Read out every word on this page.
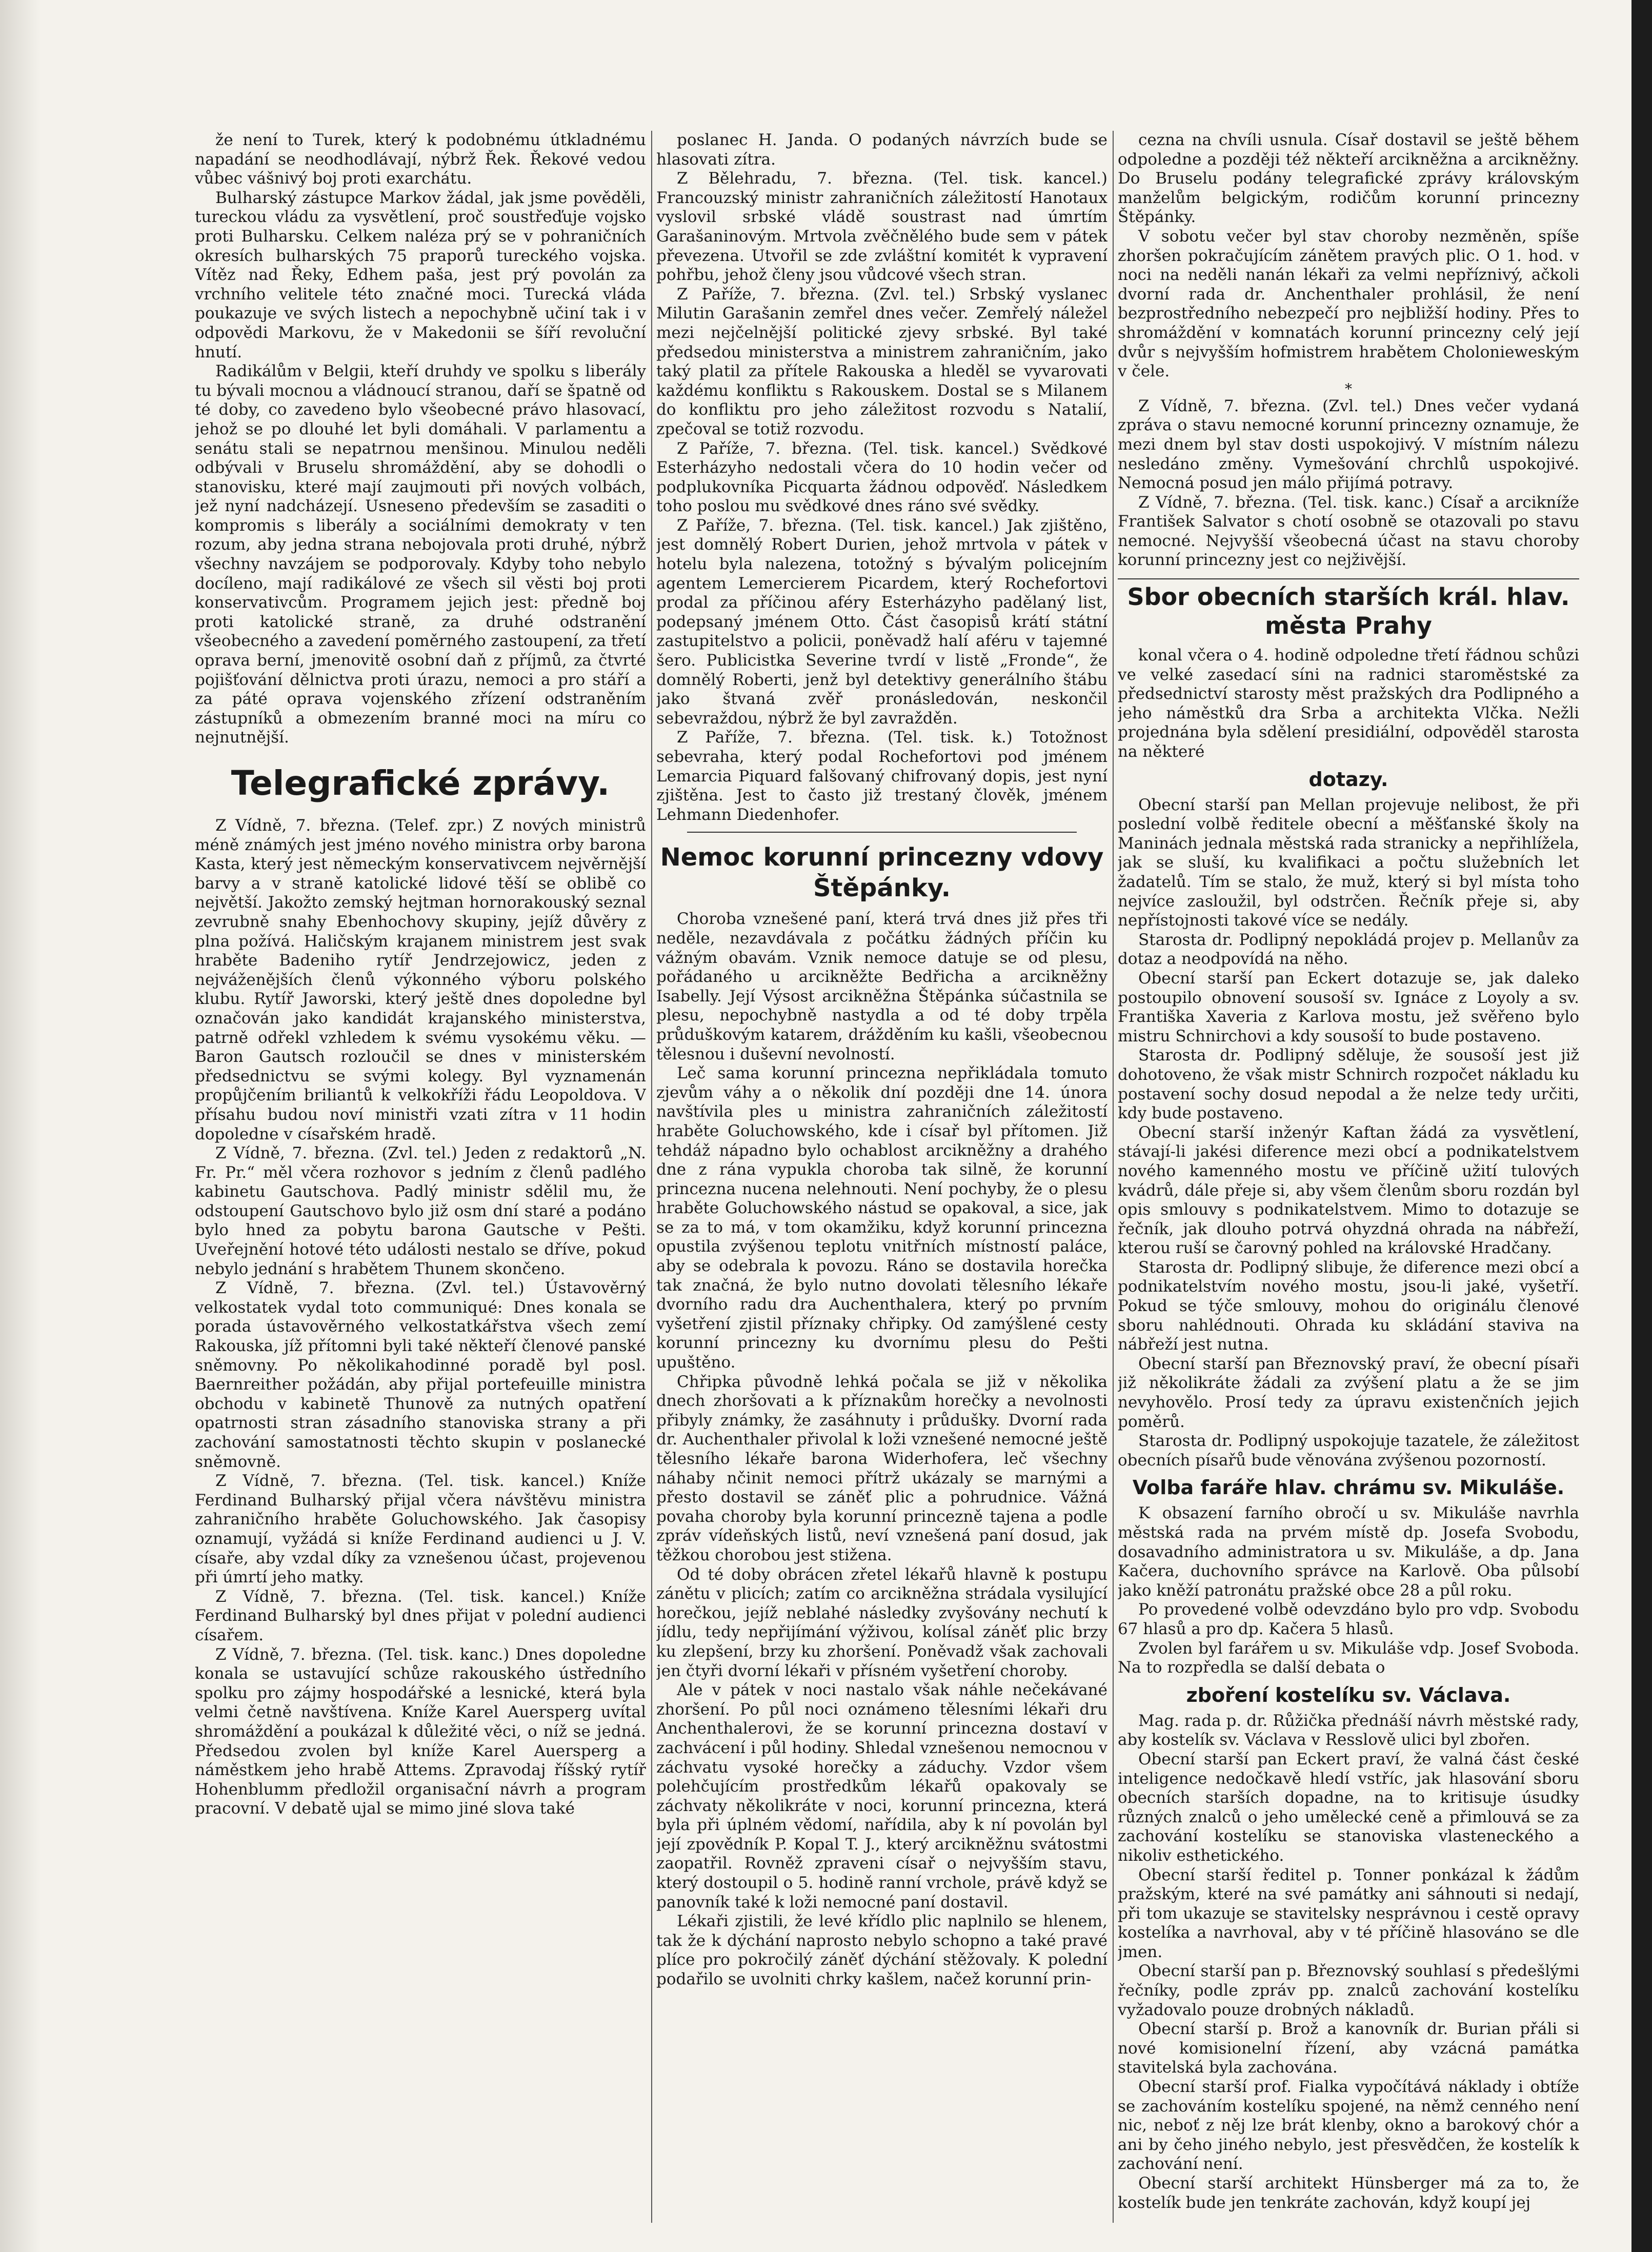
že není to Turek, který k podobnému útkladnému napadání se neodhodlávají, nýbrž Řek. Řekové vedou vůbec vášnivý boj proti exarchátu.

Bulharský zástupce Markov žádal, jak jsme pověděli, tureckou vládu za vysvětlení, proč soustřeďuje vojsko proti Bulharsku. Celkem naléza prý se v pohraničních okresích bulharských 75 praporů tureckého vojska. Vítěz nad Řeky, Edhem paša, jest prý povolán za vrchního velitele této značné moci. Turecká vláda poukazuje ve svých listech a nepochybně učiní tak i v odpovědi Markovu, že v Makedonii se šíří revoluční hnutí.

Radikálům v Belgii, kteří druhdy ve spolku s liberály tu bývali mocnou a vládnoucí stranou, daří se špatně od té doby, co zavedeno bylo všeobecné právo hlasovací, jehož se po dlouhé let byli domáhali. V parlamentu a senátu stali se nepatrnou menšinou. Minulou neděli odbývali v Bruselu shromáždění, aby se dohodli o stanovisku, které mají zaujmouti při nových volbách, jež nyní nadcházejí. Usneseno především se zasaditi o kompromis s liberály a sociálními demokraty v ten rozum, aby jedna strana nebojovala proti druhé, nýbrž všechny navzájem se podporovaly. Kdyby toho nebylo docíleno, mají radikálové ze všech sil věsti boj proti konservativcům. Programem jejich jest: předně boj proti katolické straně, za druhé odstranění všeobecného a zavedení poměrného zastoupení, za třetí oprava berní, jmenovitě osobní daň z příjmů, za čtvrté pojišťování dělnictva proti úrazu, nemoci a pro stáří a za páté oprava vojenského zřízení odstraněním zástupníků a obmezením branné moci na míru co nejnutnější.

Telegrafické zprávy.

Z Vídně, 7. března. (Telef. zpr.) Z nových ministrů méně známých jest jméno nového ministra orby barona Kasta, který jest německým konservativcem nejvěrnější barvy a v straně katolické lidové těší se oblibě co největší. Jakožto zemský hejtman hornorakouský seznal zevrubně snahy Ebenhochovy skupiny, jejíž důvěry z plna požívá. Haličským krajanem ministrem jest svak hraběte Badeniho rytíř Jendrzejowicz, jeden z nejváženějších členů výkonného výboru polského klubu. Rytíř Jaworski, který ještě dnes dopoledne byl označován jako kandidát krajanského ministerstva, patrně odřekl vzhledem k svému vysokému věku. — Baron Gautsch rozloučil se dnes v ministerském předsednictvu se svými kolegy. Byl vyznamenán propůjčením briliantů k velkokříži řádu Leopoldova. V přísahu budou noví ministři vzati zítra v 11 hodin dopoledne v císařském hradě.

Z Vídně, 7. března. (Zvl. tel.) Jeden z redaktorů „N. Fr. Pr.“ měl včera rozhovor s jedním z členů padlého kabinetu Gautschova. Padlý ministr sdělil mu, že odstoupení Gautschovo bylo již osm dní staré a podáno bylo hned za pobytu barona Gautsche v Pešti. Uveřejnění hotové této události nestalo se dříve, pokud nebylo jednání s hrabětem Thunem skončeno.

Z Vídně, 7. března. (Zvl. tel.) Ústavověrný velkostatek vydal toto communiqué: Dnes konala se porada ústavověrného velkostatkářstva všech zemí Rakouska, jíž přítomni byli také někteří členové panské sněmovny. Po několikahodinné poradě byl posl. Baernreither požádán, aby přijal portefeuille ministra obchodu v kabinetě Thunově za nutných opatření opatrnosti stran zásadního stanoviska strany a při zachování samostatnosti těchto skupin v poslanecké sněmovně.

Z Vídně, 7. března. (Tel. tisk. kancel.) Kníže Ferdinand Bulharský přijal včera návštěvu ministra zahraničního hraběte Goluchowského. Jak časopisy oznamují, vyžádá si kníže Ferdinand audienci u J. V. císaře, aby vzdal díky za vznešenou účast, projevenou při úmrtí jeho matky.

Z Vídně, 7. března. (Tel. tisk. kancel.) Kníže Ferdinand Bulharský byl dnes přijat v polední audienci císařem.

Z Vídně, 7. března. (Tel. tisk. kanc.) Dnes dopoledne konala se ustavující schůze rakouského ústředního spolku pro zájmy hospodářské a lesnické, která byla velmi četně navštívena. Kníže Karel Auersperg uvítal shromáždění a poukázal k důležité věci, o níž se jedná. Předsedou zvolen byl kníže Karel Auersperg a náměstkem jeho hrabě Attems. Zpravodaj říšský rytíř Hohenblumm předložil organisační návrh a program pracovní. V debatě ujal se mimo jiné slova také

poslanec H. Janda. O podaných návrzích bude se hlasovati zítra.

Z Bělehradu, 7. března. (Tel. tisk. kancel.) Francouzský ministr zahraničních záležitostí Hanotaux vyslovil srbské vládě soustrast nad úmrtím Garašaninovým. Mrtvola zvěčnělého bude sem v pátek převezena. Utvořil se zde zvláštní komitét k vypravení pohřbu, jehož členy jsou vůdcové všech stran.

Z Paříže, 7. března. (Zvl. tel.) Srbský vyslanec Milutin Garašanin zemřel dnes večer. Zemřelý náležel mezi nejčelnější politické zjevy srbské. Byl také předsedou ministerstva a ministrem zahraničním, jako taký platil za přítele Rakouska a hleděl se vyvarovati každému konfliktu s Rakouskem. Dostal se s Milanem do konfliktu pro jeho záležitost rozvodu s Natalií, zpečoval se totiž rozvodu.

Z Paříže, 7. března. (Tel. tisk. kancel.) Svědkové Esterházyho nedostali včera do 10 hodin večer od podplukovníka Picquarta žádnou odpověď. Následkem toho poslou mu svědkové dnes ráno své svědky.

Z Paříže, 7. března. (Tel. tisk. kancel.) Jak zjištěno, jest domnělý Robert Durien, jehož mrtvola v pátek v hotelu byla nalezena, totožný s bývalým policejním agentem Lemercierem Picardem, který Rochefortovi prodal za příčinou aféry Esterházyho padělaný list, podepsaný jménem Otto. Část časopisů krátí státní zastupitelstvo a policii, poněvadž halí aféru v tajemné šero. Publicistka Severine tvrdí v listě „Fronde“, že domnělý Roberti, jenž byl detektivy generálního štábu jako štvaná zvěř pronásledován, neskončil sebevraždou, nýbrž že byl zavražděn.

Z Paříže, 7. března. (Tel. tisk. k.) Totožnost sebevraha, který podal Rochefortovi pod jménem Lemarcia Piquard falšovaný chifrovaný dopis, jest nyní zjištěna. Jest to často již trestaný člověk, jménem Lehmann Diedenhofer.

Nemoc korunní princezny vdovy Štěpánky.

Choroba vznešené paní, která trvá dnes již přes tři neděle, nezavdávala z počátku žádných příčin ku vážným obavám. Vznik nemoce datuje se od plesu, pořádaného u arcikněžte Bedřicha a arcikněžny Isabelly. Její Výsost arcikněžna Štěpánka súčastnila se plesu, nepochybně nastydla a od té doby trpěla průduškovým katarem, drážděním ku kašli, všeobecnou tělesnou i duševní nevolností.

Leč sama korunní princezna nepřikládala tomuto zjevům váhy a o několik dní později dne 14. února navštívila ples u ministra zahraničních záležitostí hraběte Goluchowského, kde i císař byl přítomen. Již tehdáž nápadno bylo ochablost arcikněžny a drahého dne z rána vypukla choroba tak silně, že korunní princezna nucena nelehnouti. Není pochyby, že o plesu hraběte Goluchowského nástud se opakoval, a sice, jak se za to má, v tom okamžiku, když korunní princezna opustila zvýšenou teplotu vnitřních místností paláce, aby se odebrala k povozu. Ráno se dostavila horečka tak značná, že bylo nutno dovolati tělesního lékaře dvorního radu dra Auchenthalera, který po prvním vyšetření zjistil příznaky chřipky. Od zamýšlené cesty korunní princezny ku dvornímu plesu do Pešti upuštěno.

Chřipka původně lehká počala se již v několika dnech zhoršovati a k příznakům horečky a nevolnosti přibyly známky, že zasáhnuty i průdušky. Dvorní rada dr. Auchenthaler přivolal k loži vznešené nemocné ještě tělesního lékaře barona Widerhofera, leč všechny náhaby nčinit nemoci přítrž ukázaly se marnými a přesto dostavil se záněť plic a pohrudnice. Vážná povaha choroby byla korunní princezně tajena a podle zpráv vídeňských listů, neví vznešená paní dosud, jak těžkou chorobou jest stižena.

Od té doby obrácen zřetel lékařů hlavně k postupu zánětu v plicích; zatím co arcikněžna strádala vysilující horečkou, jejíž neblahé následky zvyšovány nechutí k jídlu, tedy nepřijímání výživou, kolísal záněť plic brzy ku zlepšení, brzy ku zhoršení. Poněvadž však zachovali jen čtyři dvorní lékaři v přísném vyšetření choroby.

Ale v pátek v noci nastalo však náhle nečekávané zhoršení. Po půl noci oznámeno tělesními lékaři dru Anchenthalerovi, že se korunní princezna dostaví v zachvácení i půl hodiny. Shledal vznešenou nemocnou v záchvatu vysoké horečky a záduchy. Vzdor všem polehčujícím prostředkům lékařů opakovaly se záchvaty několikráte v noci, korunní princezna, která byla při úplném vědomí, nařídila, aby k ní povolán byl její zpovědník P. Kopal T. J., který arcikněžnu svátostmi zaopatřil. Rovněž zpraveni císař o nejvyšším stavu, který dostoupil o 5. hodině ranní vrchole, právě když se panovník také k loži nemocné paní dostavil.

Lékaři zjistili, že levé křídlo plic naplnilo se hlenem, tak že k dýchání naprosto nebylo schopno a také pravé plíce pro pokročilý záněť dýchání stěžovaly. K polední podařilo se uvolniti chrky kašlem, načež korunní prin-

cezna na chvíli usnula. Císař dostavil se ještě během odpoledne a později též někteří arcikněžna a arcikněžny. Do Bruselu podány telegrafické zprávy královským manželům belgickým, rodičům korunní princezny Štěpánky.

V sobotu večer byl stav choroby nezměněn, spíše zhoršen pokračujícím zánětem pravých plic. O 1. hod. v noci na neděli nanán lékaři za velmi nepříznivý, ačkoli dvorní rada dr. Anchenthaler prohlásil, že není bezprostředního nebezpečí pro nejbližší hodiny. Přes to shromáždění v komnatách korunní princezny celý její dvůr s nejvyšším hofmistrem hrabětem Cholonieweským v čele.

*

Z Vídně, 7. března. (Zvl. tel.) Dnes večer vydaná zpráva o stavu nemocné korunní princezny oznamuje, že mezi dnem byl stav dosti uspokojivý. V místním nálezu nesledáno změny. Vymešování chrchlů uspokojivé. Nemocná posud jen málo přijímá potravy.

Z Vídně, 7. března. (Tel. tisk. kanc.) Císař a arcikníže František Salvator s chotí osobně se otazovali po stavu nemocné. Nejvyšší všeobecná účast na stavu choroby korunní princezny jest co nejživější.

Sbor obecních starších král. hlav.
města Prahy

konal včera o 4. hodině odpoledne třetí řádnou schůzi ve velké zasedací síni na radnici staroměstské za předsednictví starosty měst pražských dra Podlipného a jeho náměstků dra Srba a architekta Vlčka. Nežli projednána byla sdělení presidiální, odpověděl starosta na některé

dotazy.

Obecní starší pan Mellan projevuje nelibost, že při poslední volbě ředitele obecní a měšťanské školy na Maninách jednala městská rada stranicky a nepřihlížela, jak se sluší, ku kvalifikaci a počtu služebních let žadatelů. Tím se stalo, že muž, který si byl místa toho nejvíce zasloužil, byl odstrčen. Řečník přeje si, aby nepřístojnosti takové více se nedály.

Starosta dr. Podlipný nepokládá projev p. Mellanův za dotaz a neodpovídá na něho.

Obecní starší pan Eckert dotazuje se, jak daleko postoupilo obnovení sousoší sv. Ignáce z Loyoly a sv. Františka Xaveria z Karlova mostu, jež svěřeno bylo mistru Schnirchovi a kdy sousoší to bude postaveno.

Starosta dr. Podlipný sděluje, že sousoší jest již dohotoveno, že však mistr Schnirch rozpočet nákladu ku postavení sochy dosud nepodal a že nelze tedy určiti, kdy bude postaveno.

Obecní starší inženýr Kaftan žádá za vysvětlení, stávají-li jakési diference mezi obcí a podnikatelstvem nového kamenného mostu ve příčině užití tulových kvádrů, dále přeje si, aby všem členům sboru rozdán byl opis smlouvy s podnikatelstvem. Mimo to dotazuje se řečník, jak dlouho potrvá ohyzdná ohrada na nábřeží, kterou ruší se čarovný pohled na královské Hradčany.

Starosta dr. Podlipný slibuje, že diference mezi obcí a podnikatelstvím nového mostu, jsou-li jaké, vyšetří. Pokud se týče smlouvy, mohou do originálu členové sboru nahlédnouti. Ohrada ku skládání staviva na nábřeží jest nutna.

Obecní starší pan Březnovský praví, že obecní písaři již několikráte žádali za zvýšení platu a že se jim nevyhovělo. Prosí tedy za úpravu existenčních jejich poměrů.

Starosta dr. Podlipný uspokojuje tazatele, že záležitost obecních písařů bude věnována zvýšenou pozorností.

Volba faráře hlav. chrámu sv. Mikuláše.

K obsazení farního obročí u sv. Mikuláše navrhla městská rada na prvém místě dp. Josefa Svobodu, dosavadního administratora u sv. Mikuláše, a dp. Jana Kačera, duchovního správce na Karlově. Oba půlsobí jako kněží patronátu pražské obce 28 a půl roku.

Po provedené volbě odevzdáno bylo pro vdp. Svobodu 67 hlasů a pro dp. Kačera 5 hlasů.

Zvolen byl farářem u sv. Mikuláše vdp. Josef Svoboda. Na to rozpředla se další debata o

zboření kostelíku sv. Václava.

Mag. rada p. dr. Růžička přednáší návrh městské rady, aby kostelík sv. Václava v Resslově ulici byl zbořen.

Obecní starší pan Eckert praví, že valná část české inteligence nedočkavě hledí vstříc, jak hlasování sboru obecních starších dopadne, na to kritisuje úsudky různých znalců o jeho umělecké ceně a přimlouvá se za zachování kostelíku se stanoviska vlasteneckého a nikoliv esthetického.

Obecní starší ředitel p. Tonner ponkázal k žádům pražským, které na své památky ani sáhnouti si nedají, při tom ukazuje se stavitelsky nesprávnou i cestě opravy kostelíka a navrhoval, aby v té příčině hlasováno se dle jmen.

Obecní starší pan p. Březnovský souhlasí s předešlými řečníky, podle zpráv pp. znalců zachování kostelíku vyžadovalo pouze drobných nákladů.

Obecní starší p. Brož a kanovník dr. Burian přáli si nové komisionelní řízení, aby vzácná památka stavitelská byla zachována.

Obecní starší prof. Fialka vypočítává náklady i obtíže se zachováním kostelíku spojené, na němž cenného není nic, neboť z něj lze brát klenby, okno a barokový chór a ani by čeho jiného nebylo, jest přesvědčen, že kostelík k zachování není.

Obecní starší architekt Hünsberger má za to, že kostelík bude jen tenkráte zachován, když koupí jej
